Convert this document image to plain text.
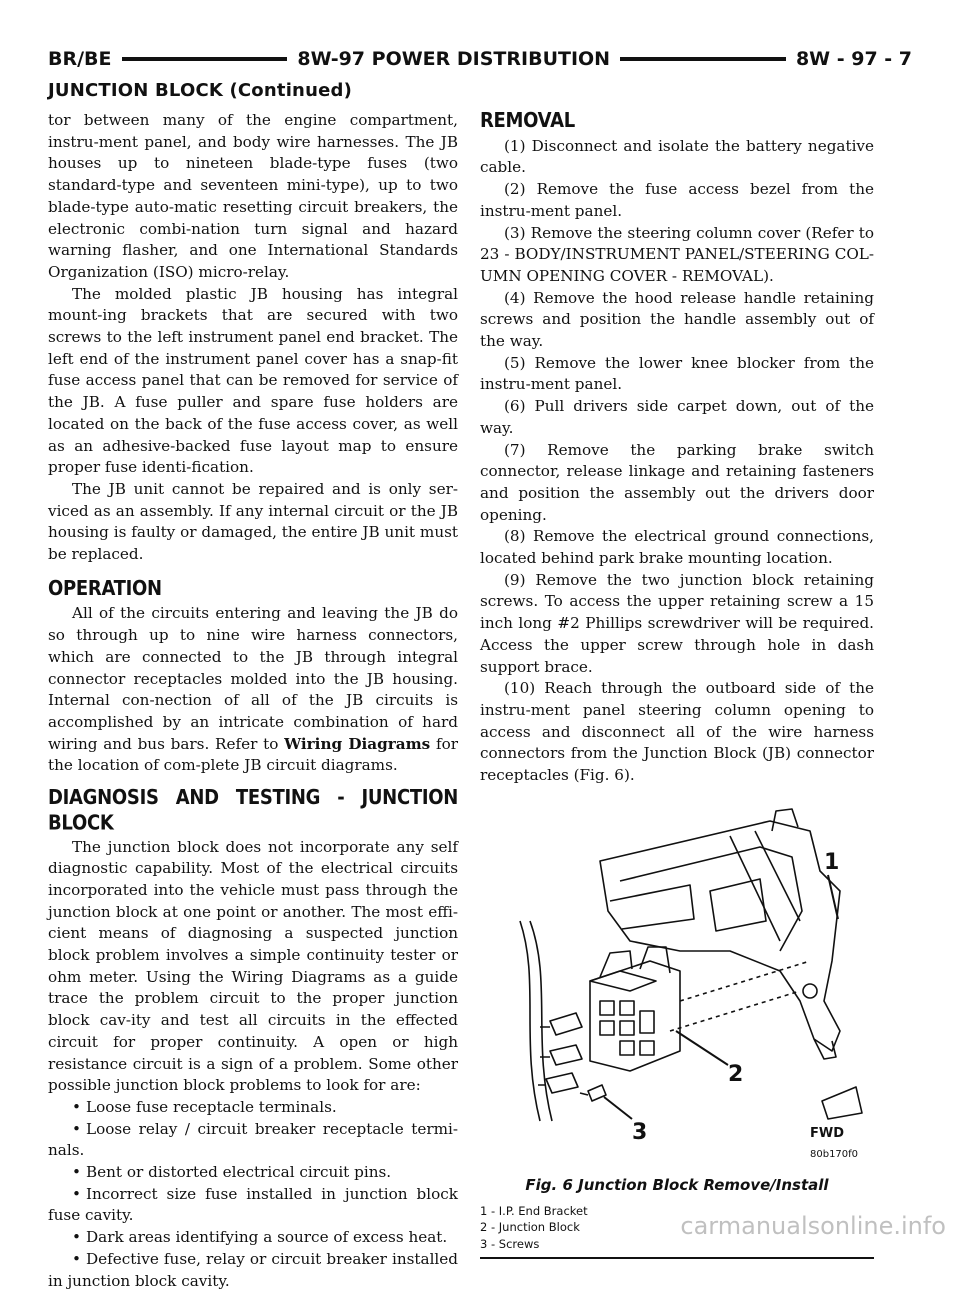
BR/BE	8W-97 POWER DISTRIBUTION	8W - 97 - 7
JUNCTION BLOCK (Continued)

tor between many of the engine compartment, instru-ment panel, and body wire harnesses. The JB houses up to nineteen blade-type fuses (two standard-type and seventeen mini-type), up to two blade-type auto-matic resetting circuit breakers, the electronic combi-nation turn signal and hazard warning flasher, and one International Standards Organization (ISO) micro-relay.

The molded plastic JB housing has integral mount-ing brackets that are secured with two screws to the left instrument panel end bracket. The left end of the instrument panel cover has a snap-fit fuse access panel that can be removed for service of the JB. A fuse puller and spare fuse holders are located on the back of the fuse access cover, as well as an adhesive-backed fuse layout map to ensure proper fuse identi-fication.

The JB unit cannot be repaired and is only ser-viced as an assembly. If any internal circuit or the JB housing is faulty or damaged, the entire JB unit must be replaced.

OPERATION

All of the circuits entering and leaving the JB do so through up to nine wire harness connectors, which are connected to the JB through integral connector receptacles molded into the JB housing. Internal con-nection of all of the JB circuits is accomplished by an intricate combination of hard wiring and bus bars. Refer to Wiring Diagrams for the location of com-plete JB circuit diagrams.

DIAGNOSIS AND TESTING - JUNCTION BLOCK

The junction block does not incorporate any self diagnostic capability. Most of the electrical circuits incorporated into the vehicle must pass through the junction block at one point or another. The most effi-cient means of diagnosing a suspected junction block problem involves a simple continuity tester or ohm meter. Using the Wiring Diagrams as a guide trace the problem circuit to the proper junction block cav-ity and test all circuits in the effected circuit for proper continuity. A open or high resistance circuit is a sign of a problem. Some other possible junction block problems to look for are:

• Loose fuse receptacle terminals.

• Loose relay / circuit breaker receptacle termi-nals.

• Bent or distorted electrical circuit pins.

• Incorrect size fuse installed in junction block fuse cavity.

• Dark areas identifying a source of excess heat.

• Defective fuse, relay or circuit breaker installed in junction block cavity.

REMOVAL

(1) Disconnect and isolate the battery negative cable.

(2) Remove the fuse access bezel from the instru-ment panel.

(3) Remove the steering column cover (Refer to 23 - BODY/INSTRUMENT PANEL/STEERING COL-UMN OPENING COVER - REMOVAL).

(4) Remove the hood release handle retaining screws and position the handle assembly out of the way.

(5) Remove the lower knee blocker from the instru-ment panel.

(6) Pull drivers side carpet down, out of the way.

(7) Remove the parking brake switch connector, release linkage and retaining fasteners and position the assembly out the drivers door opening.

(8) Remove the electrical ground connections, located behind park brake mounting location.

(9) Remove the two junction block retaining screws. To access the upper retaining screw a 15 inch long #2 Phillips screwdriver will be required. Access the upper screw through hole in dash support brace.

(10) Reach through the outboard side of the instru-ment panel steering column opening to access and disconnect all of the wire harness connectors from the Junction Block (JB) connector receptacles (Fig. 6).

1
2
3	FWD
80b170f0
Fig. 6 Junction Block Remove/Install
1 - I.P. End Bracket
2 - Junction Block
3 - Screws
carmanualsonline.info
